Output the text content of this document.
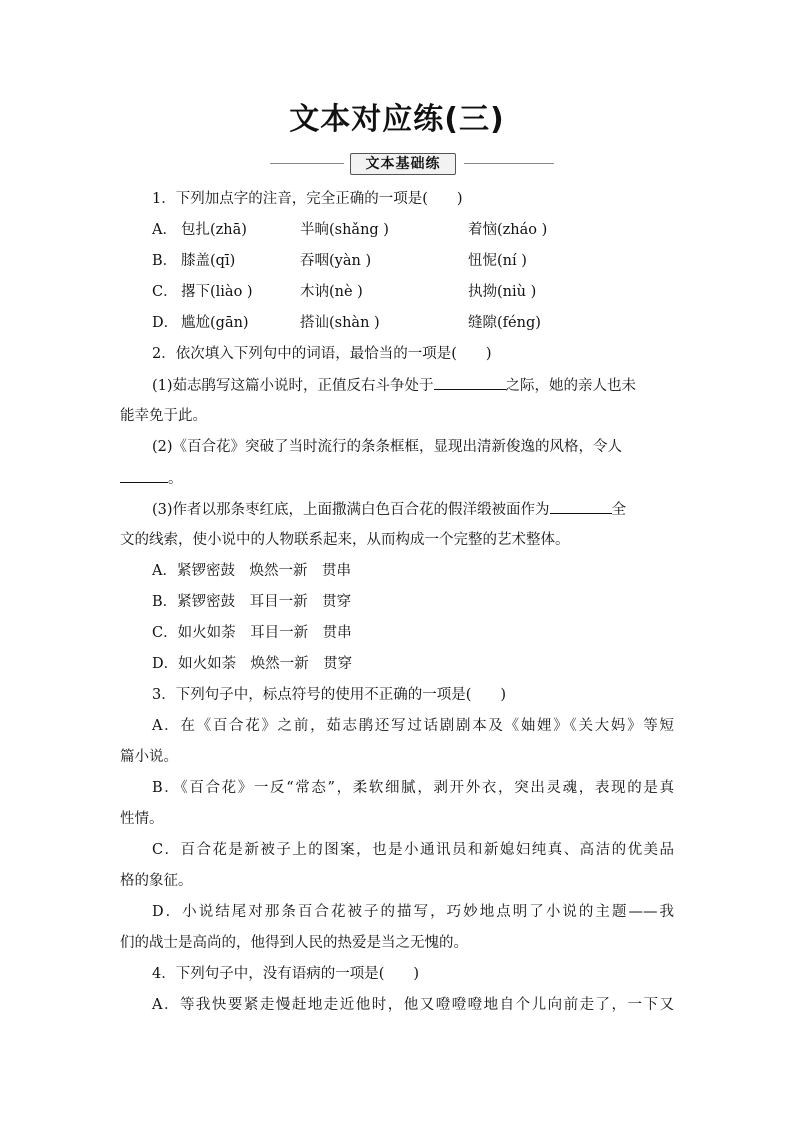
文本对应练(三)
文本基础练
1．下列加点字的注音，完全正确的一项是(　　)
A． 包扎(zhā)	半晌(shǎng )	着恼(zháo )
B． 膝盖(qī)	吞咽(yàn )	忸怩(ní )
C． 撂下(liào )	木讷(nè )	执拗(niù )
D． 尴尬(gān)	搭讪(shàn )	缝隙(féng)
2．依次填入下列句中的词语，最恰当的一项是(　　)
(1)茹志鹃写这篇小说时，正值反右斗争处于	之际，她的亲人也未
能幸免于此。
(2)《百合花》突破了当时流行的条条框框，显现出清新俊逸的风格，令人
。
(3)作者以那条枣红底，上面撒满白色百合花的假洋缎被面作为	全
文的线索，使小说中的人物联系起来，从而构成一个完整的艺术整体。
A．紧锣密鼓　焕然一新　贯串
B．紧锣密鼓　耳目一新　贯穿
C．如火如荼　耳目一新　贯串
D．如火如荼　焕然一新　贯穿
3．下列句子中，标点符号的使用不正确的一项是(　　)
A．在《百合花》之前，茹志鹃还写过话剧剧本及《妯娌》《关大妈》等短
篇小说。
B．《百合花》一反“常态”，柔软细腻，剥开外衣，突出灵魂，表现的是真
性情。
C．百合花是新被子上的图案，也是小通讯员和新媳妇纯真、高洁的优美品
格的象征。
D．小说结尾对那条百合花被子的描写，巧妙地点明了小说的主题——我
们的战士是高尚的，他得到人民的热爱是当之无愧的。
4．下列句子中，没有语病的一项是(　　)
A．等我快要紧走慢赶地走近他时，他又噔噔噔地自个儿向前走了，一下又
